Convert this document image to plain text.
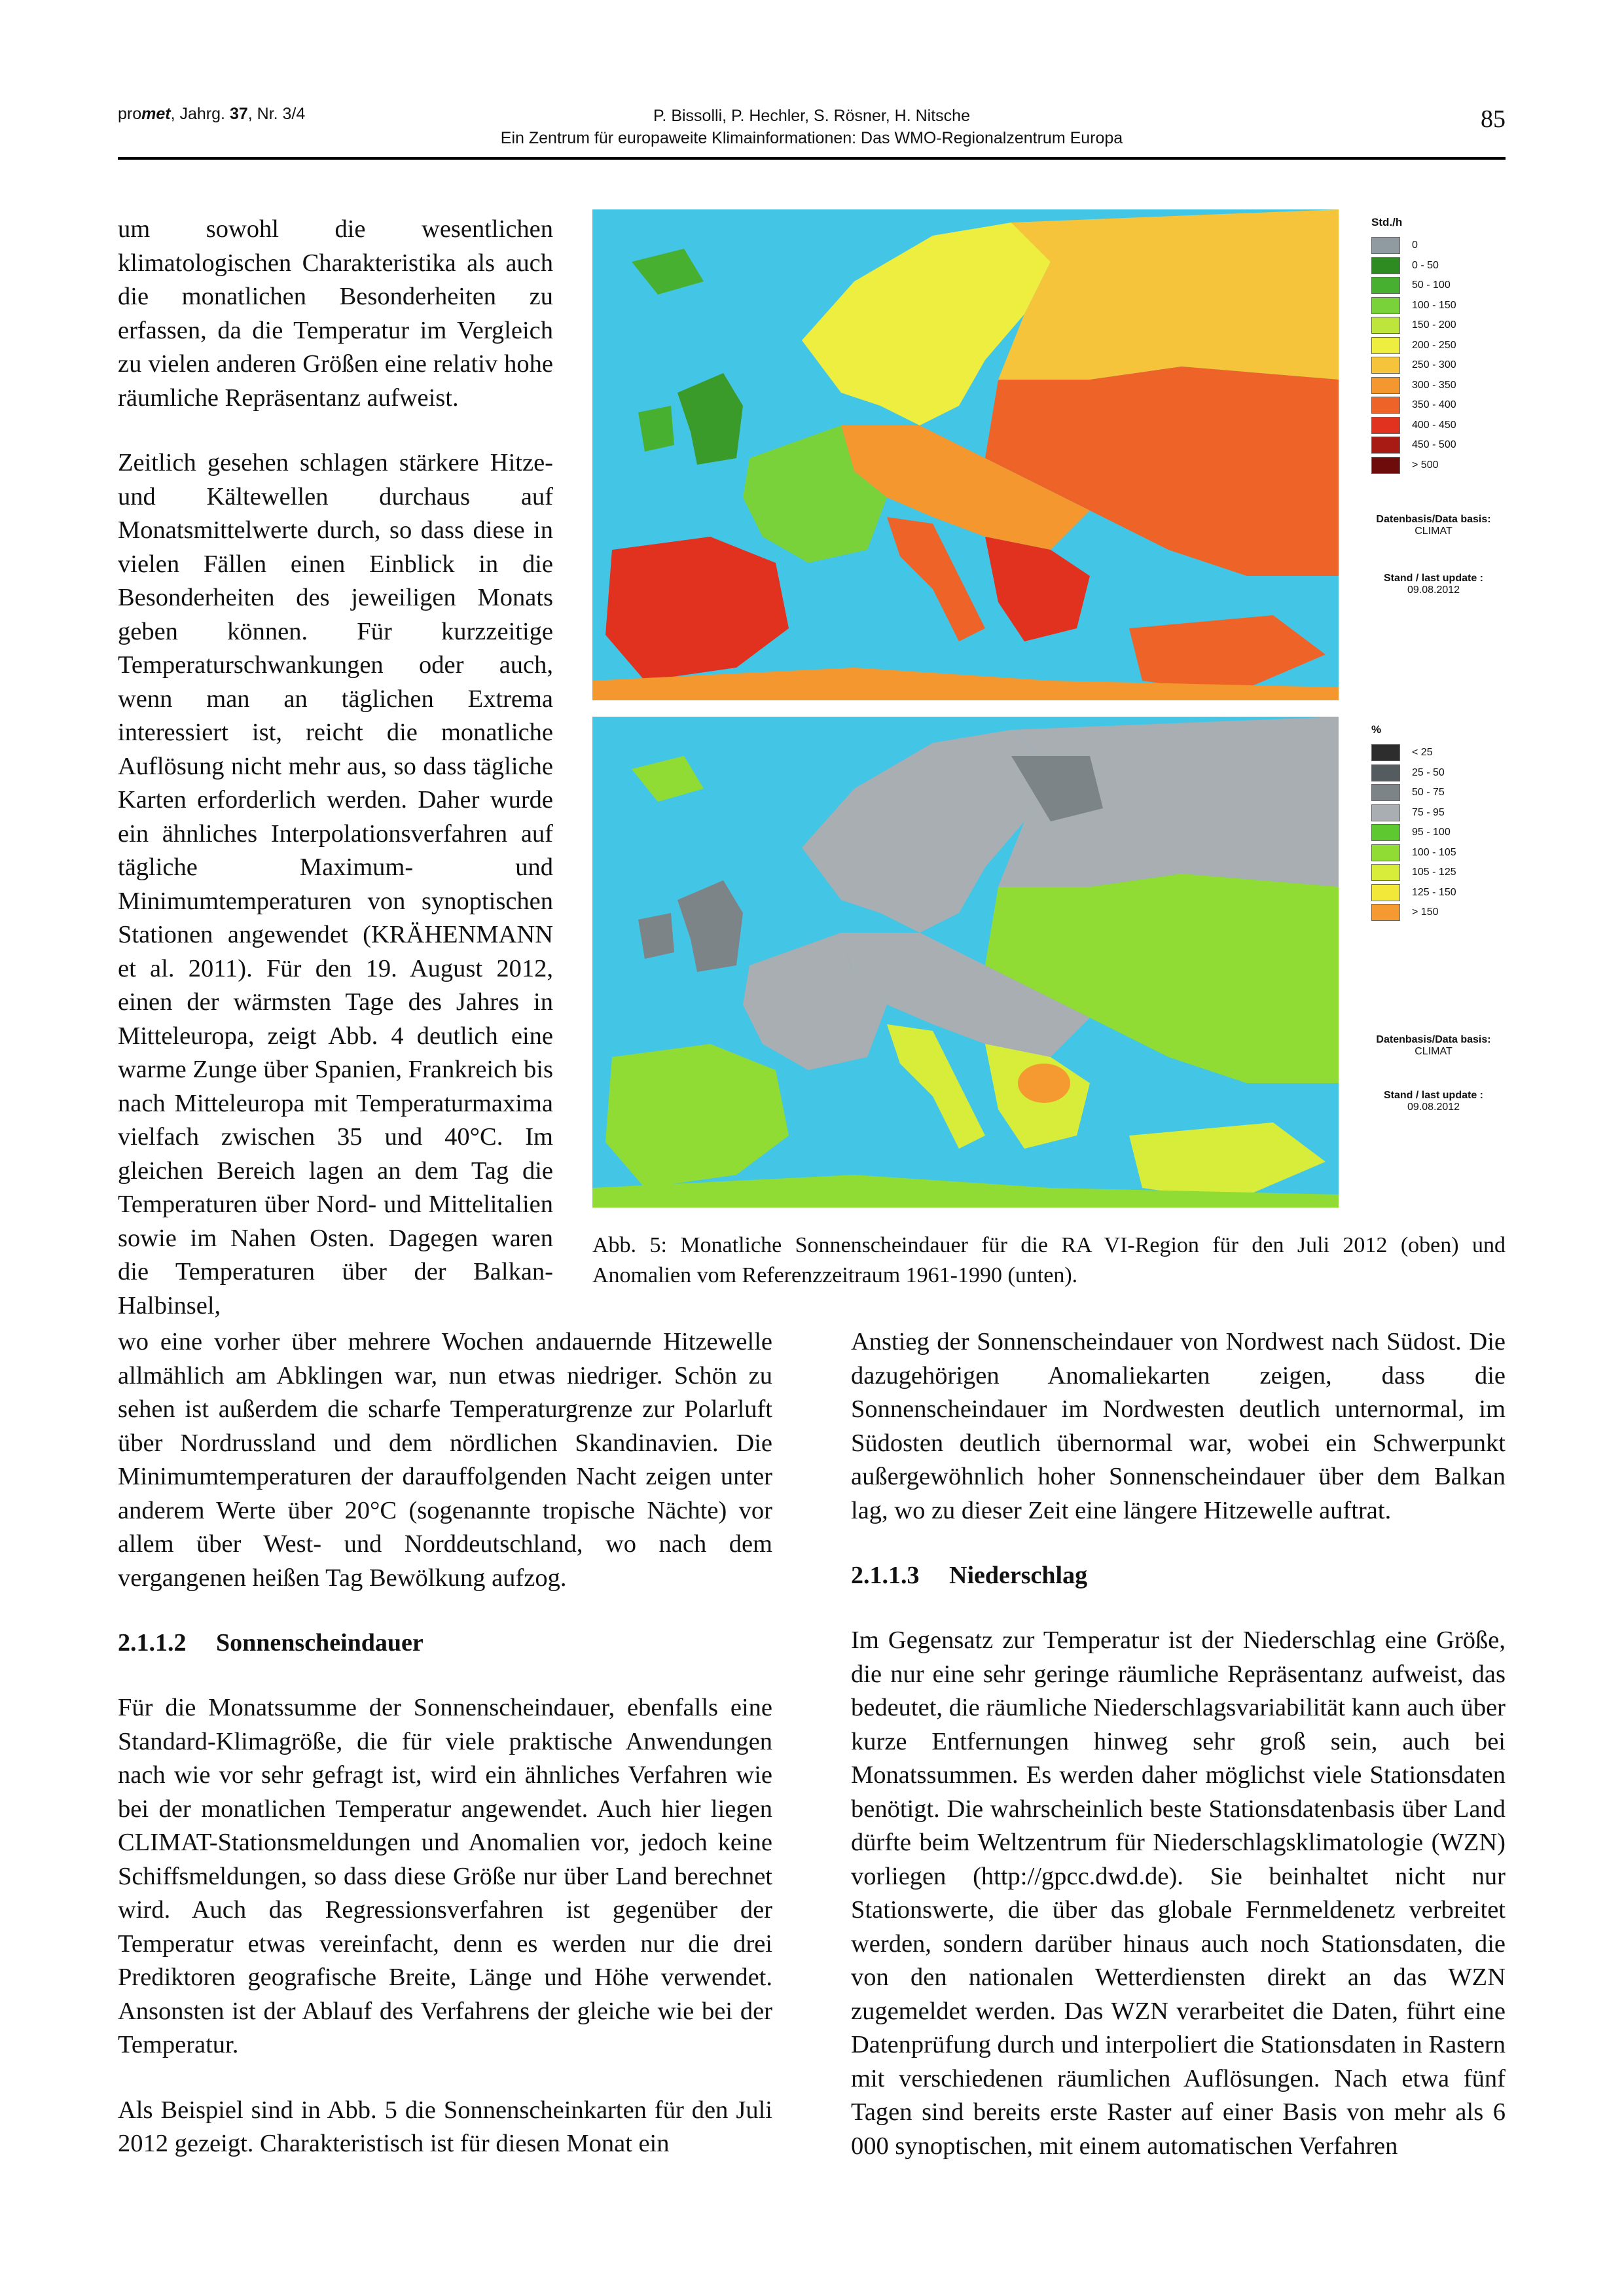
promet, Jahrg. 37, Nr. 3/4	P. Bissolli, P. Hechler, S. Rösner, H. Nitsche
Ein Zentrum für europaweite Klimainformationen: Das WMO-Regionalzentrum Europa
85

um sowohl die wesentlichen klimatologischen Charakteristika als auch die monatlichen Besonderheiten zu erfassen, da die Temperatur im Vergleich zu vielen anderen Größen eine relativ hohe räumliche Repräsentanz aufweist.

Zeitlich gesehen schlagen stärkere Hitze- und Kältewellen durchaus auf Monatsmittelwerte durch, so dass diese in vielen Fällen einen Einblick in die Besonderheiten des jeweiligen Monats geben können. Für kurzzeitige Temperaturschwankungen oder auch, wenn man an täglichen Extrema interessiert ist, reicht die monatliche Auflösung nicht mehr aus, so dass tägliche Karten erforderlich werden. Daher wurde ein ähnliches Interpolationsverfahren auf tägliche Maximum- und Minimumtemperaturen von synoptischen Stationen angewendet (KRÄHENMANN et al. 2011). Für den 19. August 2012, einen der wärmsten Tage des Jahres in Mitteleuropa, zeigt Abb. 4 deutlich eine warme Zunge über Spanien, Frankreich bis nach Mitteleuropa mit Temperaturmaxima vielfach zwischen 35 und 40°C. Im gleichen Bereich lagen an dem Tag die Temperaturen über Nord- und Mittelitalien sowie im Nahen Osten. Dagegen waren die Temperaturen über der Balkan-Halbinsel,

wo eine vorher über mehrere Wochen andauernde Hitzewelle allmählich am Abklingen war, nun etwas niedriger. Schön zu sehen ist außerdem die scharfe Temperaturgrenze zur Polarluft über Nordrussland und dem nördlichen Skandinavien. Die Minimumtemperaturen der darauffolgenden Nacht zeigen unter anderem Werte über 20°C (sogenannte tropische Nächte) vor allem über West- und Norddeutschland, wo nach dem vergangenen heißen Tag Bewölkung aufzog.

2.1.1.2 Sonnenscheindauer

Für die Monatssumme der Sonnenscheindauer, ebenfalls eine Standard-Klimagröße, die für viele praktische Anwendungen nach wie vor sehr gefragt ist, wird ein ähnliches Verfahren wie bei der monatlichen Temperatur angewendet. Auch hier liegen CLIMAT-Stationsmeldungen und Anomalien vor, jedoch keine Schiffsmeldungen, so dass diese Größe nur über Land berechnet wird. Auch das Regressionsverfahren ist gegenüber der Temperatur etwas vereinfacht, denn es werden nur die drei Prediktoren geografische Breite, Länge und Höhe verwendet. Ansonsten ist der Ablauf des Verfahrens der gleiche wie bei der Temperatur.

Als Beispiel sind in Abb. 5 die Sonnenscheinkarten für den Juli 2012 gezeigt. Charakteristisch ist für diesen Monat ein

Anstieg der Sonnenscheindauer von Nordwest nach Südost. Die dazugehörigen Anomaliekarten zeigen, dass die Sonnenscheindauer im Nordwesten deutlich unternormal, im Südosten deutlich übernormal war, wobei ein Schwerpunkt außergewöhnlich hoher Sonnenscheindauer über dem Balkan lag, wo zu dieser Zeit eine längere Hitzewelle auftrat.

2.1.1.3 Niederschlag

Im Gegensatz zur Temperatur ist der Niederschlag eine Größe, die nur eine sehr geringe räumliche Repräsentanz aufweist, das bedeutet, die räumliche Niederschlagsvariabilität kann auch über kurze Entfernungen hinweg sehr groß sein, auch bei Monatssummen. Es werden daher möglichst viele Stationsdaten benötigt. Die wahrscheinlich beste Stationsdatenbasis über Land dürfte beim Weltzentrum für Niederschlagsklimatologie (WZN) vorliegen (http://gpcc.dwd.de). Sie beinhaltet nicht nur Stationswerte, die über das globale Fernmeldenetz verbreitet werden, sondern darüber hinaus auch noch Stationsdaten, die von den nationalen Wetterdiensten direkt an das WZN zugemeldet werden. Das WZN verarbeitet die Daten, führt eine Datenprüfung durch und interpoliert die Stationsdaten in Rastern mit verschiedenen räumlichen Auflösungen. Nach etwa fünf Tagen sind bereits erste Raster auf einer Basis von mehr als 6 000 synoptischen, mit einem automatischen Verfahren

Std./h
0
0 - 50
50 - 100
100 - 150
150 - 200
200 - 250
250 - 300
300 - 350
350 - 400
400 - 450
450 - 500
> 500
Datenbasis/Data basis:
CLIMAT
Stand / last update :
09.08.2012
%
< 25
25 - 50
50 - 75
75 - 95
95 - 100
100 - 105
105 - 125
125 - 150
> 150
Datenbasis/Data basis:
CLIMAT
Stand / last update :
09.08.2012
Abb. 5: Monatliche Sonnenscheindauer für die RA VI-Region für den Juli 2012 (oben) und Anomalien vom Referenzzeitraum 1961-1990 (unten).
